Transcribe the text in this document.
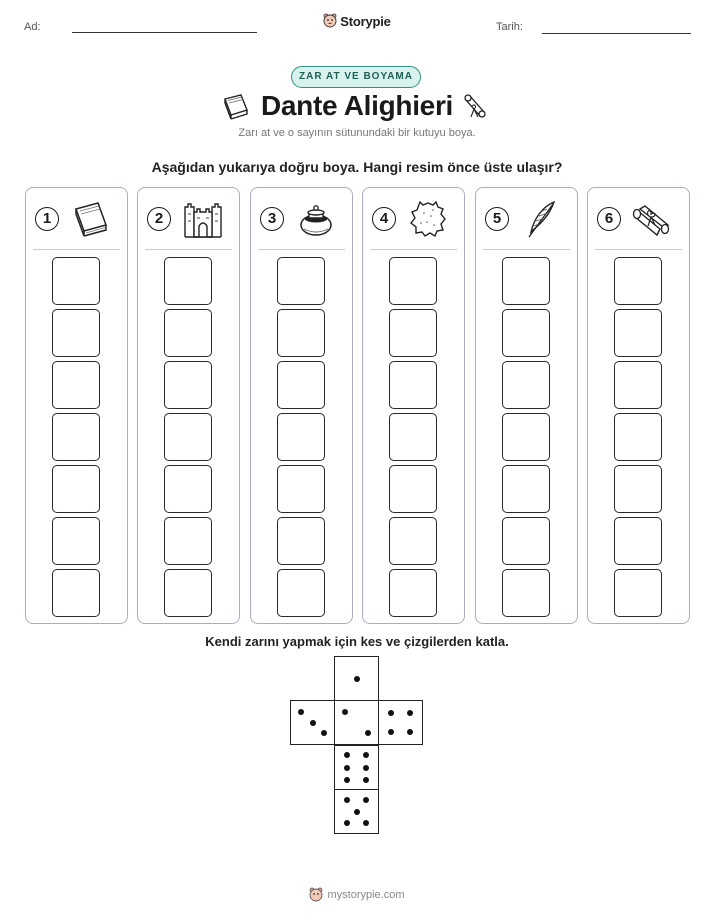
Ad:	Storypie	Tarih:
ZAR AT VE BOYAMA
Dante Alighieri
Zarı at ve o sayının sütunundaki bir kutuyu boya.
Aşağıdan yukarıya doğru boya. Hangi resim önce üste ulaşır?
1	2	3	4	5	6
Kendi zarını yapmak için kes ve çizgilerden katla.
mystorypie.com
